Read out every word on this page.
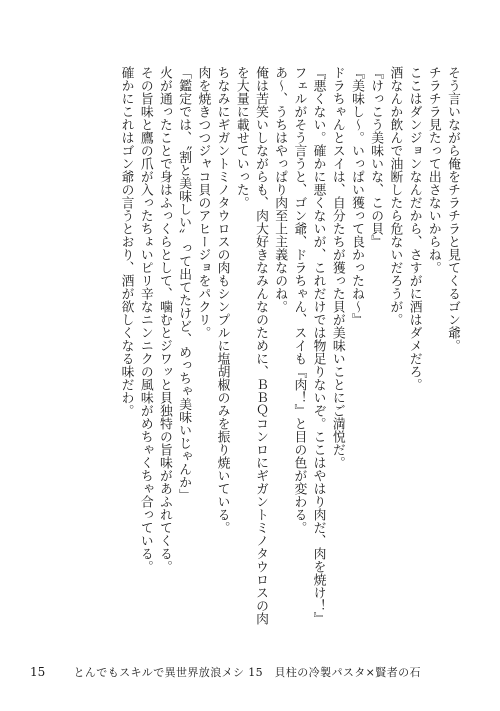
そう言いながら俺をチラチラと見てくるゴン爺。
チラチラ見たって出さないからね。
ここはダンジョンなんだから、さすがに酒はダメだろ。
酒なんか飲んで油断したら危ないだろうが。
『けっこう美味いな、この貝』
『美味し～。いっぱい獲って良かったね～』
ドラちゃんとスイは、自分たちが獲った貝が美味いことにご満悦だ。
『悪くない。確かに悪くないが、これだけでは物足りないぞ。ここはやはり肉だ、肉を焼け！』
フェルがそう言うと、ゴン爺、ドラちゃん、スイも『肉！』と目の色が変わる。
あ～、うちはやっぱり肉至上主義なのね。
俺は苦笑いしながらも、肉大好きなみんなのために、ＢＢＱコンロにギガントミノタウロスの肉
を大量に載せていった。
ちなみにギガントミノタウロスの肉もシンプルに塩胡椒のみを振り焼いている。
肉を焼きつつジャコ貝のアヒージョをパクリ。
「鑑定では、〝割と美味しい〟って出てたけど、めっちゃ美味いじゃんか」
火が通ったことで身はふっくらとして、噛むとジワッと貝独特の旨味があふれてくる。
その旨味と鷹の爪が入ったちょいピリ辛なニンニクの風味がめちゃくちゃ合っている。
確かにこれはゴン爺の言うとおり、酒が欲しくなる味だわ。
15	とんでもスキルで異世界放浪メシ 15　貝柱の冷製パスタ×賢者の石
